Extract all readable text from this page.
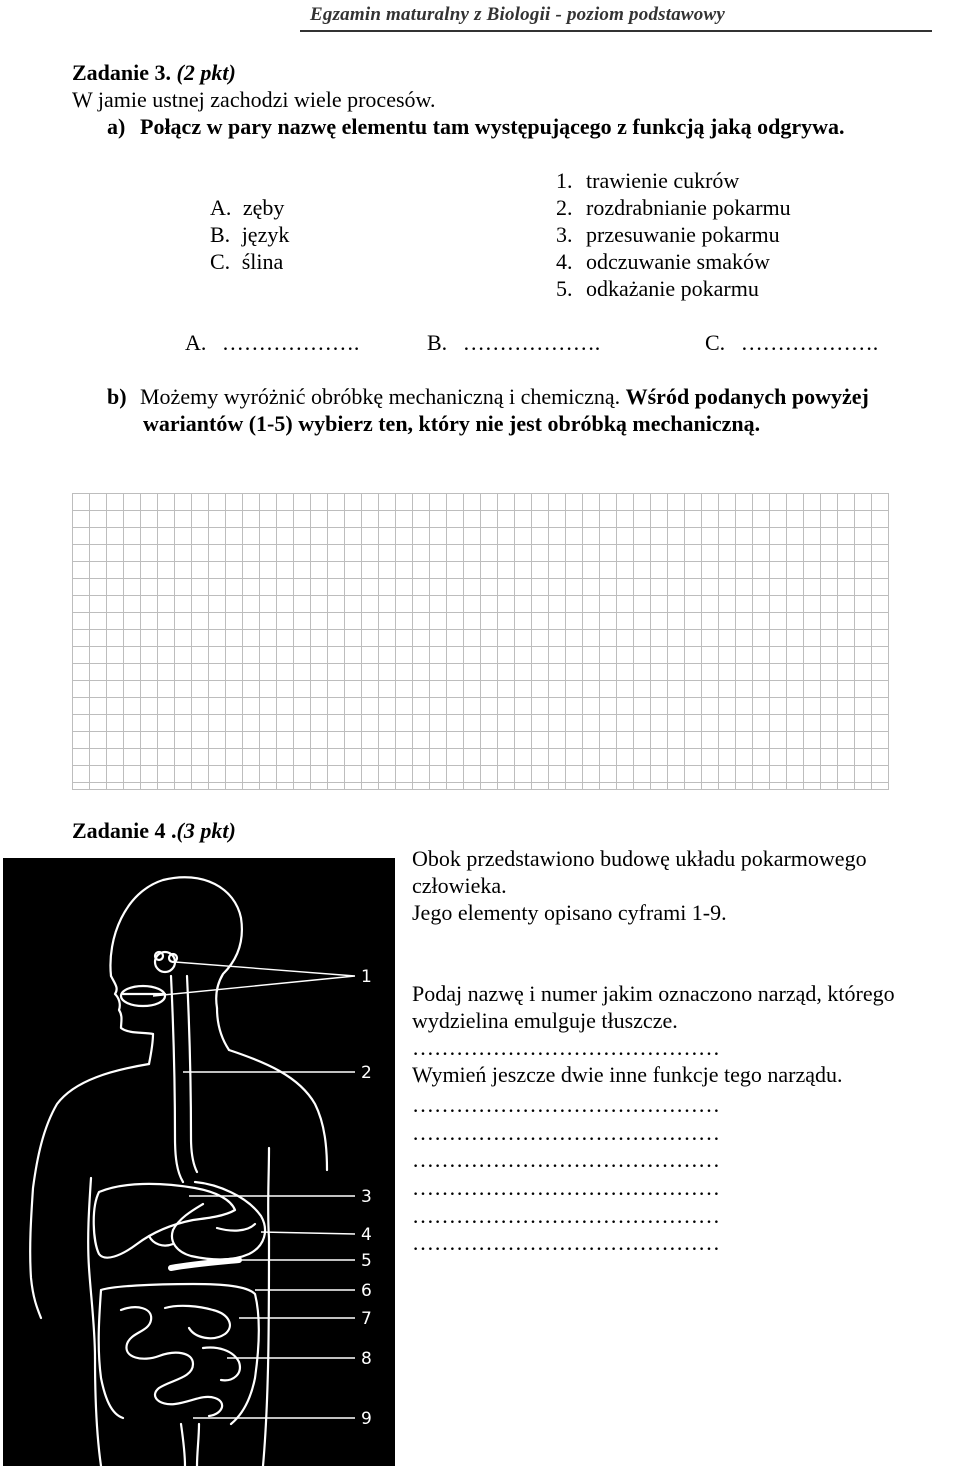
Egzamin maturalny z Biologii - poziom podstawowy
Zadanie 3. (2 pkt)
W jamie ustnej zachodzi wiele procesów.
a) Połącz w pary nazwę elementu tam występującego z funkcją jaką odgrywa.
A. zęby
B. język
C. ślina
1. trawienie cukrów
2. rozdrabnianie pokarmu
3. przesuwanie pokarmu
4. odczuwanie smaków
5. odkażanie pokarmu
A. ……………….	B. ……………….	C. ……………….
b) Możemy wyróżnić obróbkę mechaniczną i chemiczną. Wśród podanych powyżej
wariantów (1-5) wybierz ten, który nie jest obróbką mechaniczną.
Zadanie 4 .(3 pkt)
1
2
3
4
5
6
7
8
9
Obok przedstawiono budowę układu pokarmowego
człowieka.
Jego elementy opisano cyframi 1-9.
Podaj nazwę i numer jakim oznaczono narząd, którego
wydzielina emulguje tłuszcze.
……………………………………
Wymień jeszcze dwie inne funkcje tego narządu.
……………………………………
……………………………………
……………………………………
……………………………………
……………………………………
……………………………………
